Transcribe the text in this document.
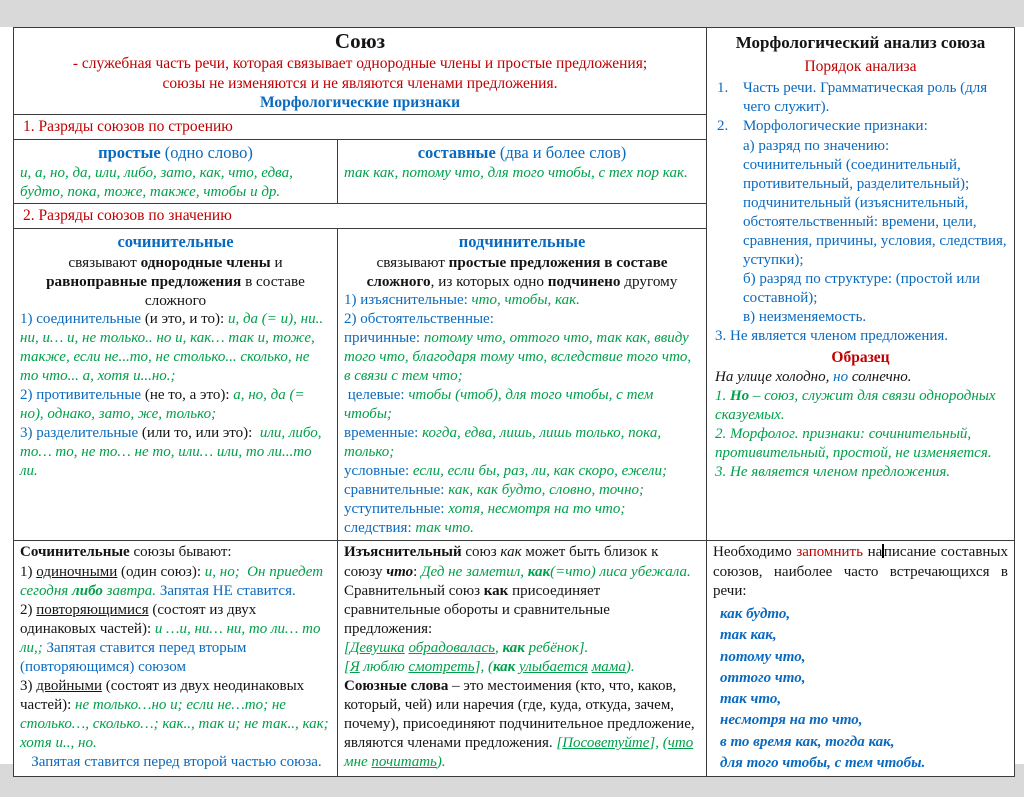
Союз
- служебная часть речи, которая связывает однородные члены и простые предложения;
союзы не изменяются и не являются членами предложения.
Морфологические признаки
1. Разряды союзов по строению
простые (одно слово)
и, а, но, да, или, либо, зато, как, что, едва, будто, пока, тоже, также, чтобы и др.
составные (два и более слов)
так как, потому что, для того чтобы, с тех пор как.
2. Разряды союзов по значению
сочинительные
связывают однородные члены и равноправные предложения в составе сложного
1) соединительные (и это, и то): и, да (= и), ни.. ни, и… и, не только.. но и, как… так и, тоже, также, если не...то, не столько... сколько, не то что... а, хотя и...но.;
2) противительные (не то, а это): а, но, да (= но), однако, зато, же, только;
3) разделительные (или то, или это):  или, либо, то… то, не то… не то, или… или, то ли...то ли.
подчинительные
связывают простые предложения в составе сложного, из которых одно подчинено другому
1) изъяснительные: что, чтобы, как.
2) обстоятельственные:
причинные: потому что, оттого что, так как, ввиду того что, благодаря тому что, вследствие того что, в связи с тем что;
целевые: чтобы (чтоб), для того чтобы, с тем чтобы;
временные: когда, едва, лишь, лишь только, пока, только;
условные: если, если бы, раз, ли, как скоро, ежели;
сравнительные: как, как будто, словно, точно;
уступительные: хотя, несмотря на то что;
следствия: так что.
Морфологический анализ союза
Порядок анализа
1. Часть речи. Грамматическая роль (для чего служит).
2. Морфологические признаки:
а) разряд по значению:
сочинительный (соединительный, противительный, разделительный);
подчинительный (изъяснительный, обстоятельственный: времени, цели, сравнения, причины, условия, следствия, уступки);
б) разряд по структуре: (простой или составной);
в) неизменяемость.
3. Не является членом предложения.
Образец
На улице холодно, но солнечно.
1. Но – союз, служит для связи однородных сказуемых.
2. Морфолог. признаки: сочинительный, противительный, простой, не изменяется.
3. Не является членом предложения.
Сочинительные союзы бывают:
1) одиночными (один союз): и, но;  Он приедет сегодня либо завтра. Запятая НЕ ставится.
2) повторяющимися (состоят из двух одинаковых частей): и …и, ни… ни, то ли… то ли,; Запятая ставится перед вторым (повторяющимся) союзом
3) двойными (состоят из двух неодинаковых частей): не только…но и; если не…то; не столько…, сколько…; как.., так и; не так.., как; хотя и.., но.
Запятая ставится перед второй частью союза.
Изъяснительный союз как может быть близок к союзу что: Дед не заметил, как(=что) лиса убежала.
Сравнительный союз как присоединяет сравнительные обороты и сравнительные предложения:
[Девушка обрадовалась, как ребёнок].
[Я люблю смотреть], (как улыбается мама).
Союзные слова – это местоимения (кто, что, каков, который, чей) или наречия (где, куда, откуда, зачем, почему), присоединяют подчинительное предложение, являются членами предложения. [Посоветуйте], (что мне почитать).
Необходимо запомнить на писание составных союзов, наиболее часто встречающихся в речи:
как будто,
так как,
потому что,
оттого что,
так что,
несмотря на то что,
в то время как, тогда как,
для того чтобы, с тем чтобы.
